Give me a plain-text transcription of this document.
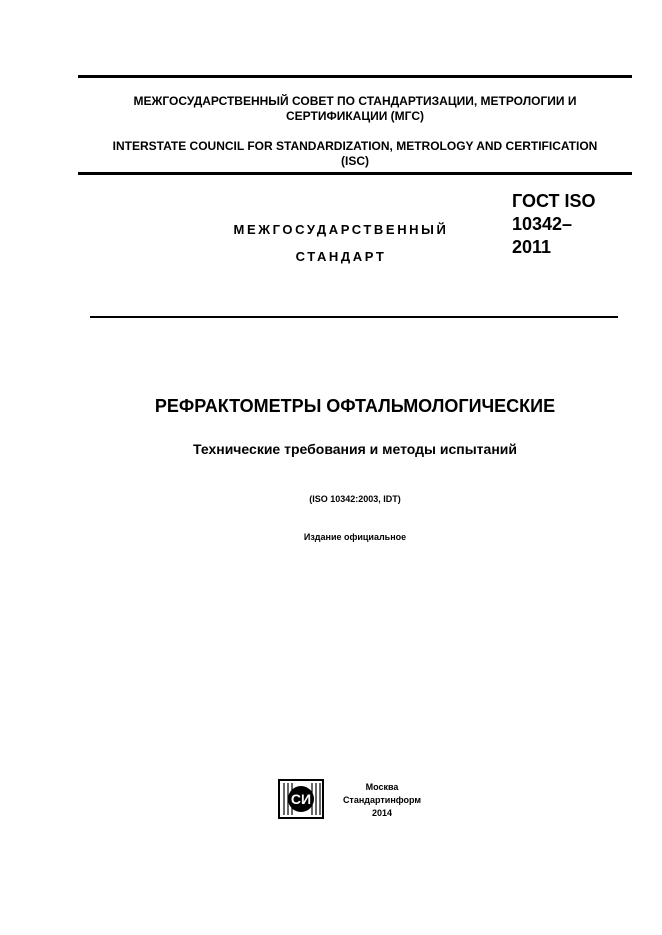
МЕЖГОСУДАРСТВЕННЫЙ СОВЕТ ПО СТАНДАРТИЗАЦИИ, МЕТРОЛОГИИ И
СЕРТИФИКАЦИИ (МГС)
INTERSTATE COUNCIL FOR STANDARDIZATION, METROLOGY AND CERTIFICATION
(ISC)
МЕЖГОСУДАРСТВЕННЫЙ
СТАНДАРТ
ГОСТ ISO
10342–
2011
РЕФРАКТОМЕТРЫ ОФТАЛЬМОЛОГИЧЕСКИЕ
Технические требования и методы испытаний
(ISO 10342:2003, IDT)
Издание официальное
СИ
Москва
Стандартинформ
2014
